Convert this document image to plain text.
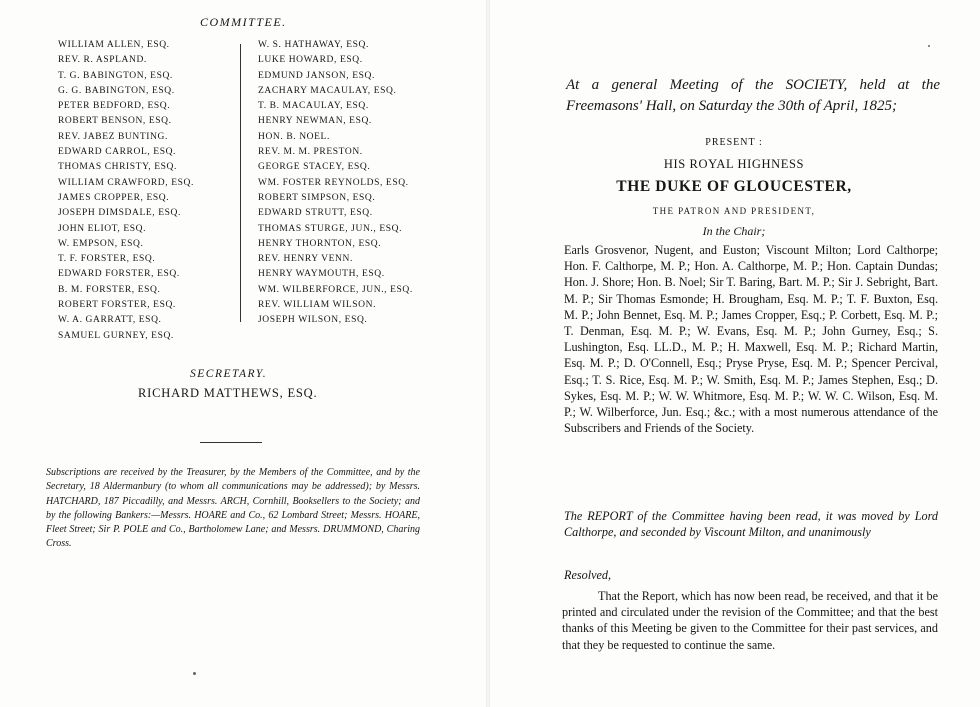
COMMITTEE.
WILLIAM ALLEN, ESQ.
REV. R. ASPLAND.
T. G. BABINGTON, ESQ.
G. G. BABINGTON, ESQ.
PETER BEDFORD, ESQ.
ROBERT BENSON, ESQ.
REV. JABEZ BUNTING.
EDWARD CARROL, ESQ.
THOMAS CHRISTY, ESQ.
WILLIAM CRAWFORD, ESQ.
JAMES CROPPER, ESQ.
JOSEPH DIMSDALE, ESQ.
JOHN ELIOT, ESQ.
W. EMPSON, ESQ.
T. F. FORSTER, ESQ.
EDWARD FORSTER, ESQ.
B. M. FORSTER, ESQ.
ROBERT FORSTER, ESQ.
W. A. GARRATT, ESQ.
SAMUEL GURNEY, ESQ.
W. S. HATHAWAY, ESQ.
LUKE HOWARD, ESQ.
EDMUND JANSON, ESQ.
ZACHARY MACAULAY, ESQ.
T. B. MACAULAY, ESQ.
HENRY NEWMAN, ESQ.
HON. B. NOEL.
REV. M. M. PRESTON.
GEORGE STACEY, ESQ.
WM. FOSTER REYNOLDS, ESQ.
ROBERT SIMPSON, ESQ.
EDWARD STRUTT, ESQ.
THOMAS STURGE, JUN., ESQ.
HENRY THORNTON, ESQ.
REV. HENRY VENN.
HENRY WAYMOUTH, ESQ.
WM. WILBERFORCE, JUN., ESQ.
REV. WILLIAM WILSON.
JOSEPH WILSON, ESQ.
SECRETARY.
RICHARD MATTHEWS, ESQ.

Subscriptions are received by the Treasurer, by the Members of the Committee, and by the Secretary, 18 Aldermanbury (to whom all communications may be addressed); by Messrs. HATCHARD, 187 Piccadilly, and Messrs. ARCH, Cornhill, Booksellers to the Society; and by the following Bankers:—Messrs. HOARE and Co., 62 Lombard Street; Messrs. HOARE, Fleet Street; Sir P. POLE and Co., Bartholomew Lane; and Messrs. DRUMMOND, Charing Cross.

At a general Meeting of the SOCIETY, held at the Freemasons' Hall, on Saturday the 30th of April, 1825;

PRESENT :
HIS ROYAL HIGHNESS
THE DUKE OF GLOUCESTER,
THE PATRON AND PRESIDENT,
In the Chair;

Earls Grosvenor, Nugent, and Euston; Viscount Milton; Lord Calthorpe; Hon. F. Calthorpe, M. P.; Hon. A. Calthorpe, M. P.; Hon. Captain Dundas; Hon. J. Shore; Hon. B. Noel; Sir T. Baring, Bart. M. P.; Sir J. Sebright, Bart. M. P.; Sir Thomas Esmonde; H. Brougham, Esq. M. P.; T. F. Buxton, Esq. M. P.; John Bennet, Esq. M. P.; James Cropper, Esq.; P. Corbett, Esq. M. P.; T. Denman, Esq. M. P.; W. Evans, Esq. M. P.; John Gurney, Esq.; S. Lushington, Esq. LL.D., M. P.; H. Maxwell, Esq. M. P.; Richard Martin, Esq. M. P.; D. O'Connell, Esq.; Pryse Pryse, Esq. M. P.; Spencer Percival, Esq.; T. S. Rice, Esq. M. P.; W. Smith, Esq. M. P.; James Stephen, Esq.; D. Sykes, Esq. M. P.; W. W. Whitmore, Esq. M. P.; W. W. C. Wilson, Esq. M. P.; W. Wilberforce, Jun. Esq.; &c.; with a most numerous attendance of the Subscribers and Friends of the Society.

The REPORT of the Committee having been read, it was moved by Lord Calthorpe, and seconded by Viscount Milton, and unanimously

Resolved,

That the Report, which has now been read, be received, and that it be printed and circulated under the revision of the Committee; and that the best thanks of this Meeting be given to the Committee for their past services, and that they be requested to continue the same.
